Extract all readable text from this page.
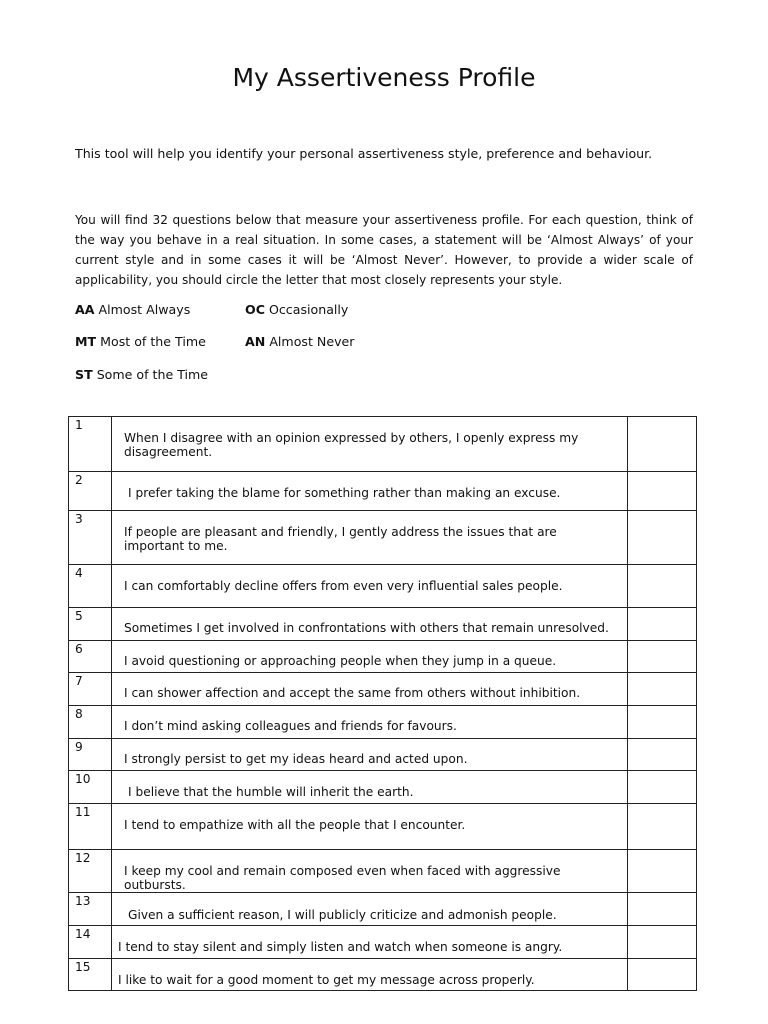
My Assertiveness Profile
This tool will help you identify your personal assertiveness style, preference and behaviour.
You will find 32 questions below that measure your assertiveness profile. For each question, think of the way you behave in a real situation. In some cases, a statement will be ‘Almost Always’ of your current style and in some cases it will be ‘Almost Never’. However, to provide a wider scale of applicability, you should circle the letter that most closely represents your style.
AA Almost Always	OC Occasionally
MT Most of the Time	AN Almost Never
ST Some of the Time
1	When I disagree with an opinion expressed by others, I openly express my disagreement.	

2	I prefer taking the blame for something rather than making an excuse.	

3	If people are pleasant and friendly, I gently address the issues that are important to me.	

4	I can comfortably decline offers from even very influential sales people.	

5	Sometimes I get involved in confrontations with others that remain unresolved.	

6	I avoid questioning or approaching people when they jump in a queue.	

7	I can shower affection and accept the same from others without inhibition.	

8	I don’t mind asking colleagues and friends for favours.	

9	I strongly persist to get my ideas heard and acted upon.	

10	I believe that the humble will inherit the earth.	

11	I tend to empathize with all the people that I encounter.	

12	I keep my cool and remain composed even when faced with aggressive outbursts.	

13	Given a sufficient reason, I will publicly criticize and admonish people.	

14	I tend to stay silent and simply listen and watch when someone is angry.	

15	I like to wait for a good moment to get my message across properly.	
